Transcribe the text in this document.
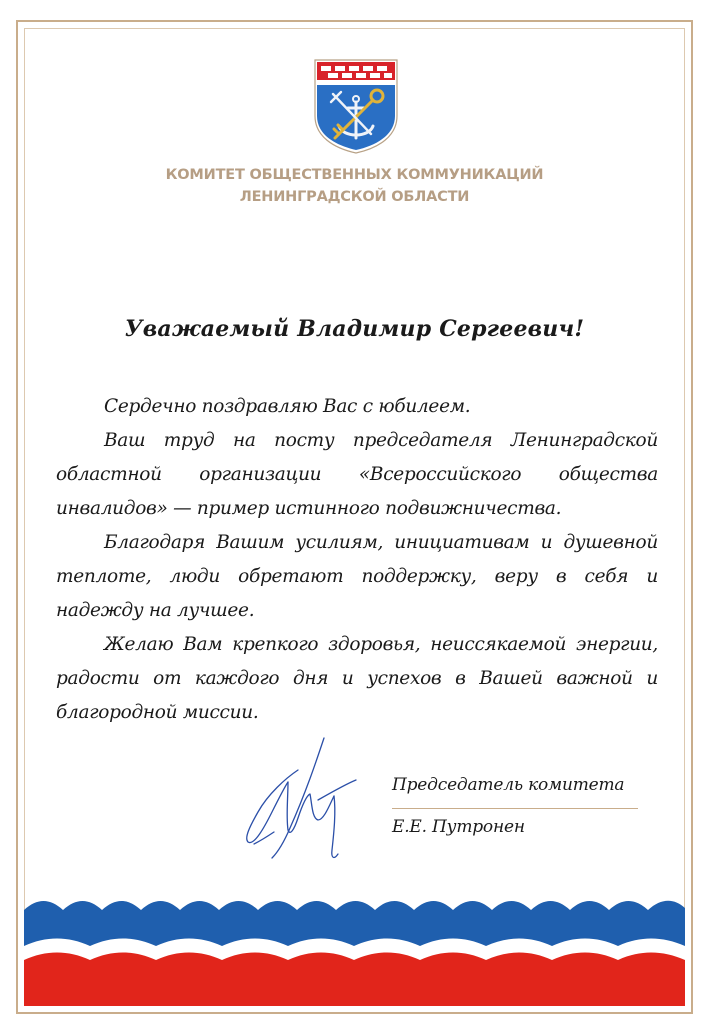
КОМИТЕТ ОБЩЕСТВЕННЫХ КОММУНИКАЦИЙ
ЛЕНИНГРАДСКОЙ ОБЛАСТИ
Уважаемый Владимир Сергеевич!

Сердечно поздравляю Вас с юбилеем.

Ваш труд на посту председателя Ленинградской областной организации «Всероссийского общества инвалидов» — пример истинного подвижничества.

Благодаря Вашим усилиям, инициативам и душевной теплоте, люди обретают поддержку, веру в себя и надежду на лучшее.

Желаю Вам крепкого здоровья, неиссякаемой энергии, радости от каждого дня и успехов в Вашей важной и благородной миссии.

Председатель комитета
Е.Е. Путронен
